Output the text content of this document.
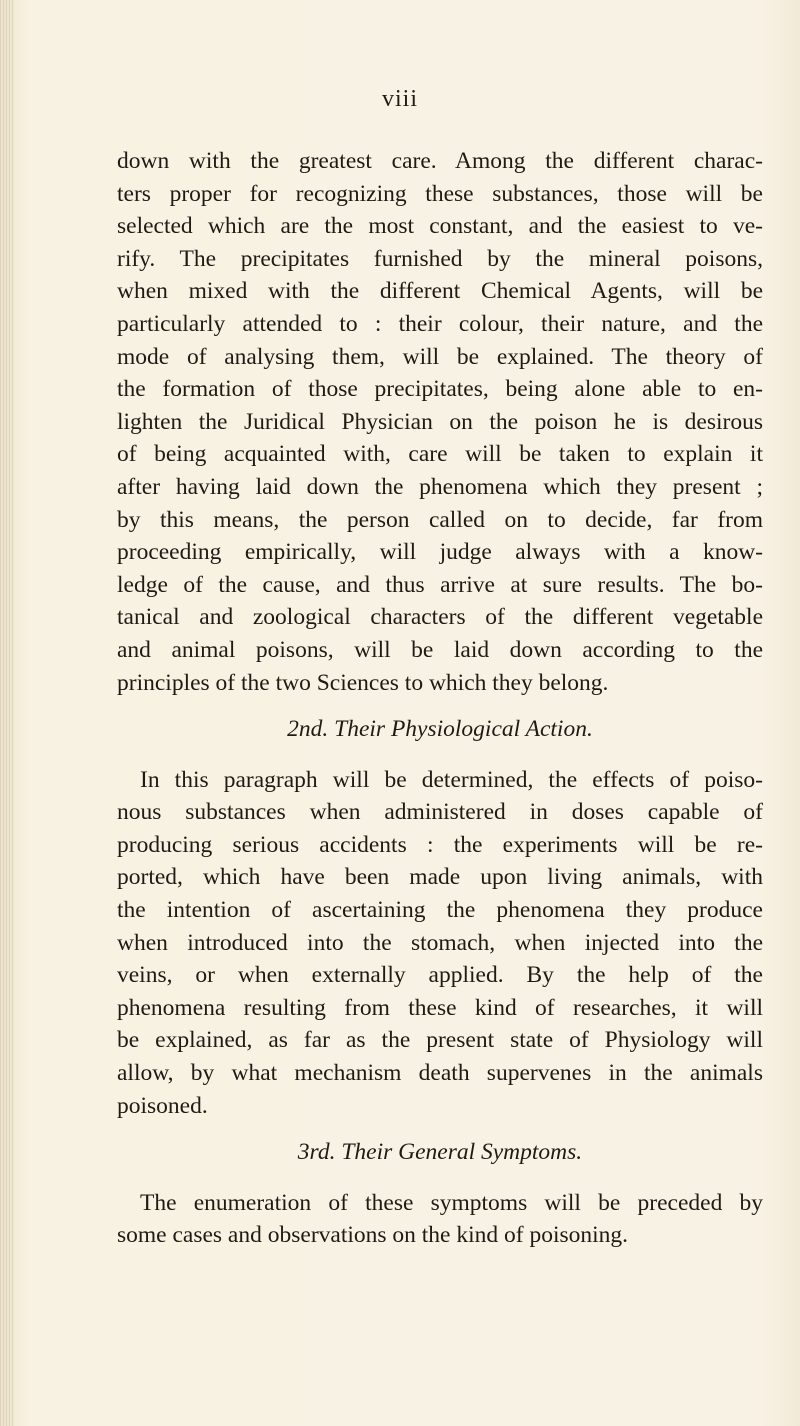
viii
down with the greatest care. Among the different charac-
ters proper for recognizing these substances, those will be
selected which are the most constant, and the easiest to ve-
rify. The precipitates furnished by the mineral poisons,
when mixed with the different Chemical Agents, will be
particularly attended to : their colour, their nature, and the
mode of analysing them, will be explained. The theory of
the formation of those precipitates, being alone able to en-
lighten the Juridical Physician on the poison he is desirous
of being acquainted with, care will be taken to explain it
after having laid down the phenomena which they present ;
by this means, the person called on to decide, far from
proceeding empirically, will judge always with a know-
ledge of the cause, and thus arrive at sure results. The bo-
tanical and zoological characters of the different vegetable
and animal poisons, will be laid down according to the
principles of the two Sciences to which they belong.
2nd. Their Physiological Action.
In this paragraph will be determined, the effects of poiso-
nous substances when administered in doses capable of
producing serious accidents : the experiments will be re-
ported, which have been made upon living animals, with
the intention of ascertaining the phenomena they produce
when introduced into the stomach, when injected into the
veins, or when externally applied. By the help of the
phenomena resulting from these kind of researches, it will
be explained, as far as the present state of Physiology will
allow, by what mechanism death supervenes in the animals
poisoned.
3rd. Their General Symptoms.
The enumeration of these symptoms will be preceded by
some cases and observations on the kind of poisoning.
